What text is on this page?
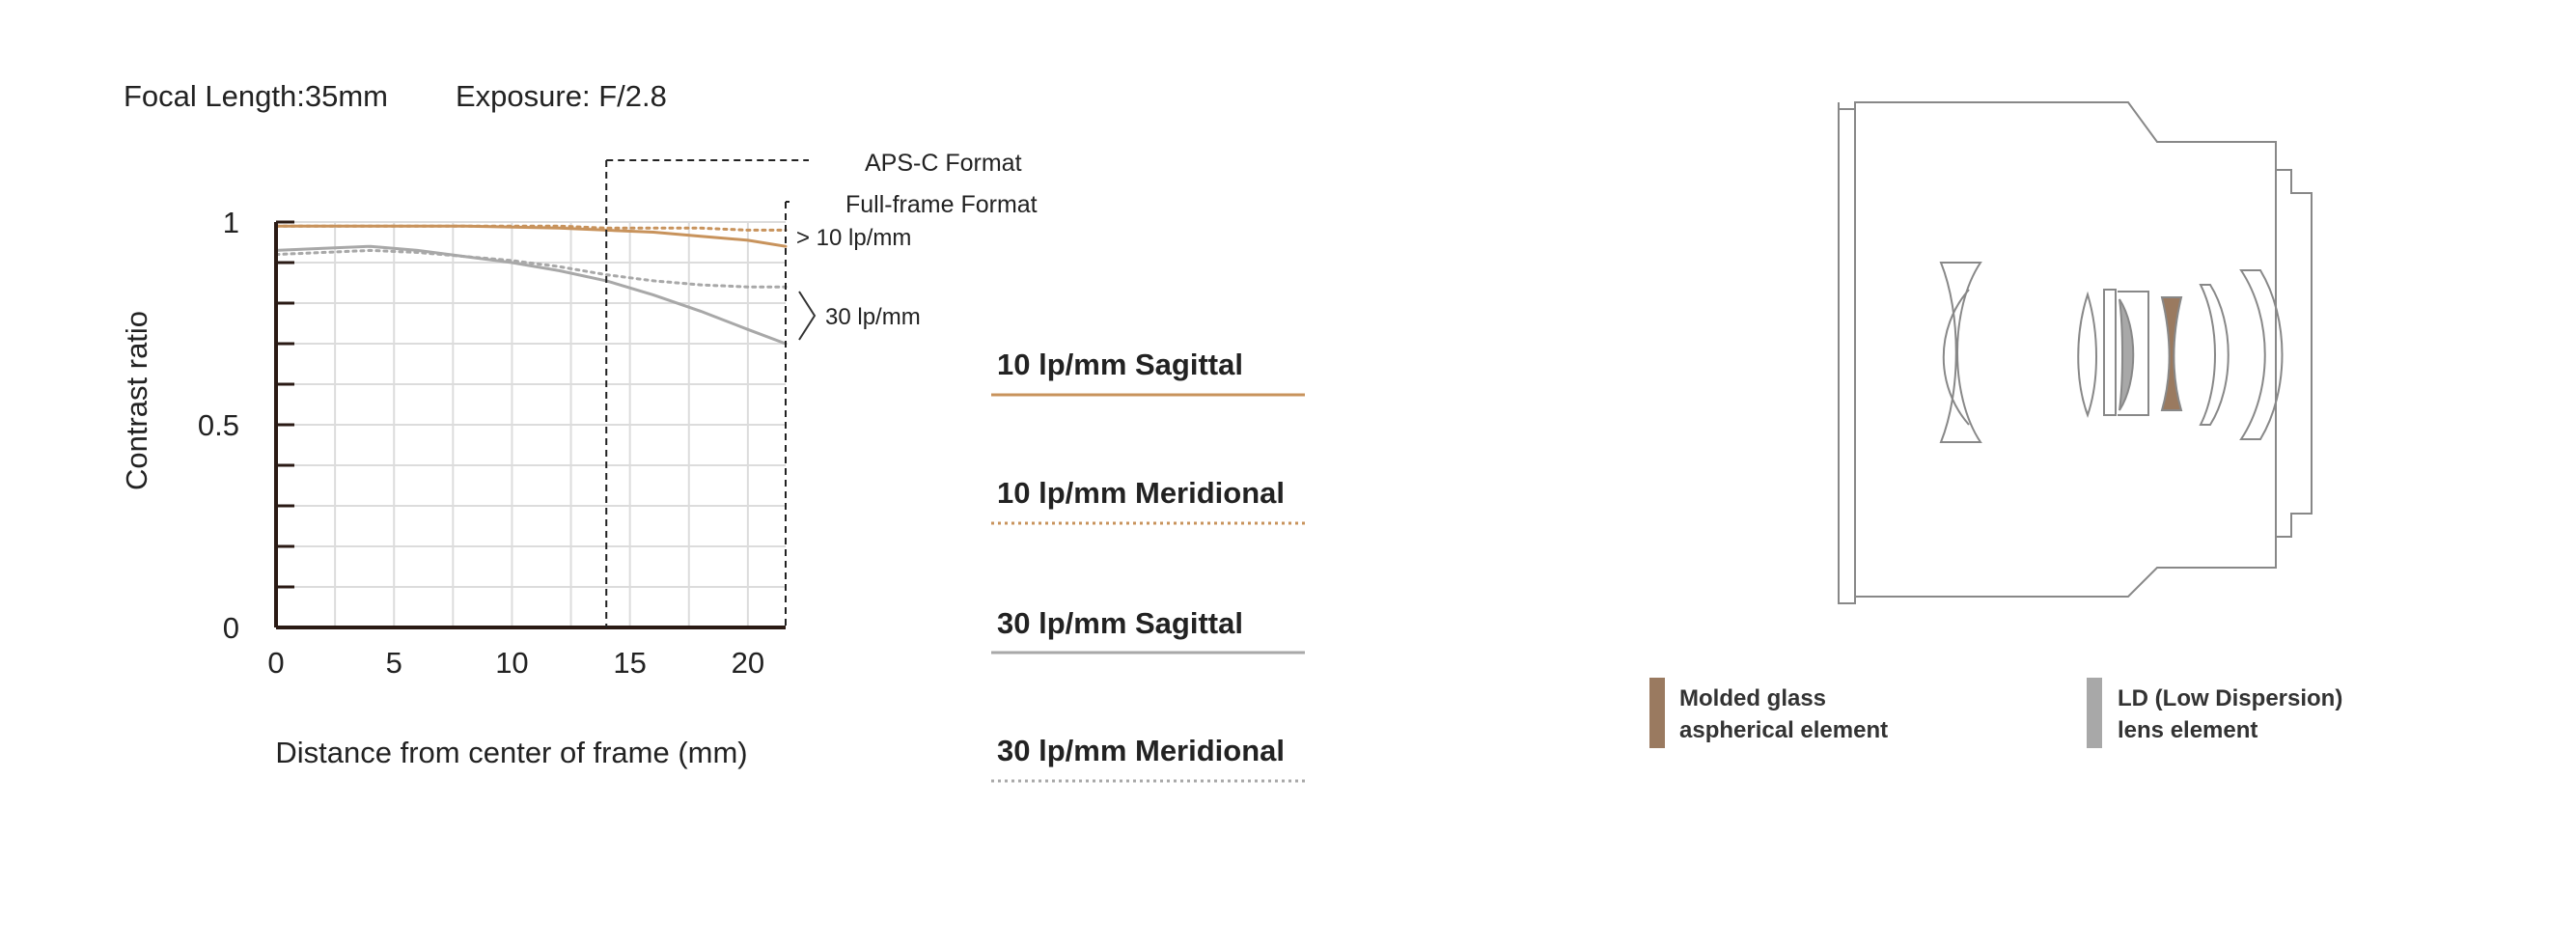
Focal Length:35mm Exposure: F/2.8
0
0.5
1
0	5	10	15	20
APS-C Format
Full-frame Format
Contrast ratio
Distance from center of frame (mm)
> 10 lp/mm
30 lp/mm
10 lp/mm Sagittal
10 lp/mm Meridional
30 lp/mm Sagittal
30 lp/mm Meridional
Molded glass
aspherical element
LD (Low Dispersion)
lens element
